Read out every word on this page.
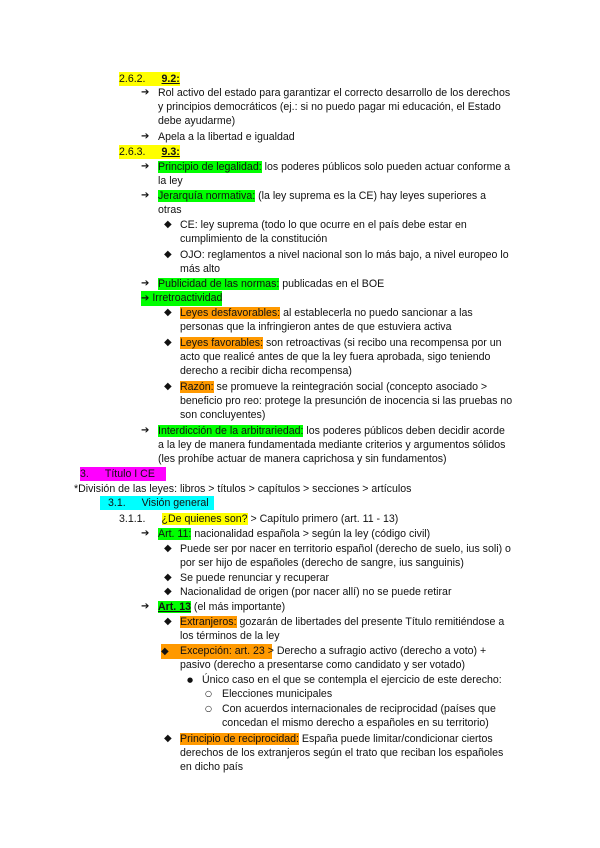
2.6.2. 9.2:
➔ Rol activo del estado para garantizar el correcto desarrollo de los derechos
y principios democráticos (ej.: si no puedo pagar mi educación, el Estado
debe ayudarme)
➔ Apela a la libertad e igualdad
2.6.3. 9.3:
➔ Principio de legalidad: los poderes públicos solo pueden actuar conforme a
la ley
➔ Jerarquía normativa: (la ley suprema es la CE) hay leyes superiores a
otras
◆ CE: ley suprema (todo lo que ocurre en el país debe estar en
cumplimiento de la constitución
◆ OJO: reglamentos a nivel nacional son lo más bajo, a nivel europeo lo
más alto
➔ Publicidad de las normas: publicadas en el BOE
➔ Irretroactividad
◆ Leyes desfavorables: al establecerla no puedo sancionar a las
personas que la infringieron antes de que estuviera activa
◆ Leyes favorables: son retroactivas (si recibo una recompensa por un
acto que realicé antes de que la ley fuera aprobada, sigo teniendo
derecho a recibir dicha recompensa)
◆ Razón: se promueve la reintegración social (concepto asociado >
beneficio pro reo: protege la presunción de inocencia si las pruebas no
son concluyentes)
➔ Interdicción de la arbitrariedad: los poderes públicos deben decidir acorde
a la ley de manera fundamentada mediante criterios y argumentos sólidos
(les prohíbe actuar de manera caprichosa y sin fundamentos)
3. Título I CE
*División de las leyes: libros > títulos > capítulos > secciones > artículos
3.1. Visión general
3.1.1. ¿De quienes son? > Capítulo primero (art. 11 - 13)
➔ Art. 11: nacionalidad española > según la ley (código civil)
◆ Puede ser por nacer en territorio español (derecho de suelo, ius soli) o
por ser hijo de españoles (derecho de sangre, ius sanguinis)
◆ Se puede renunciar y recuperar
◆ Nacionalidad de origen (por nacer allí) no se puede retirar
➔ Art. 13 (el más importante)
◆ Extranjeros: gozarán de libertades del presente Título remitiéndose a
los términos de la ley
◆	Excepción: art. 23 > Derecho a sufragio activo (derecho a voto) +
pasivo (derecho a presentarse como candidato y ser votado)
● Único caso en el que se contempla el ejercicio de este derecho:
○ Elecciones municipales
○ Con acuerdos internacionales de reciprocidad (países que
concedan el mismo derecho a españoles en su territorio)
◆ Principio de reciprocidad: España puede limitar/condicionar ciertos
derechos de los extranjeros según el trato que reciban los españoles
en dicho país
